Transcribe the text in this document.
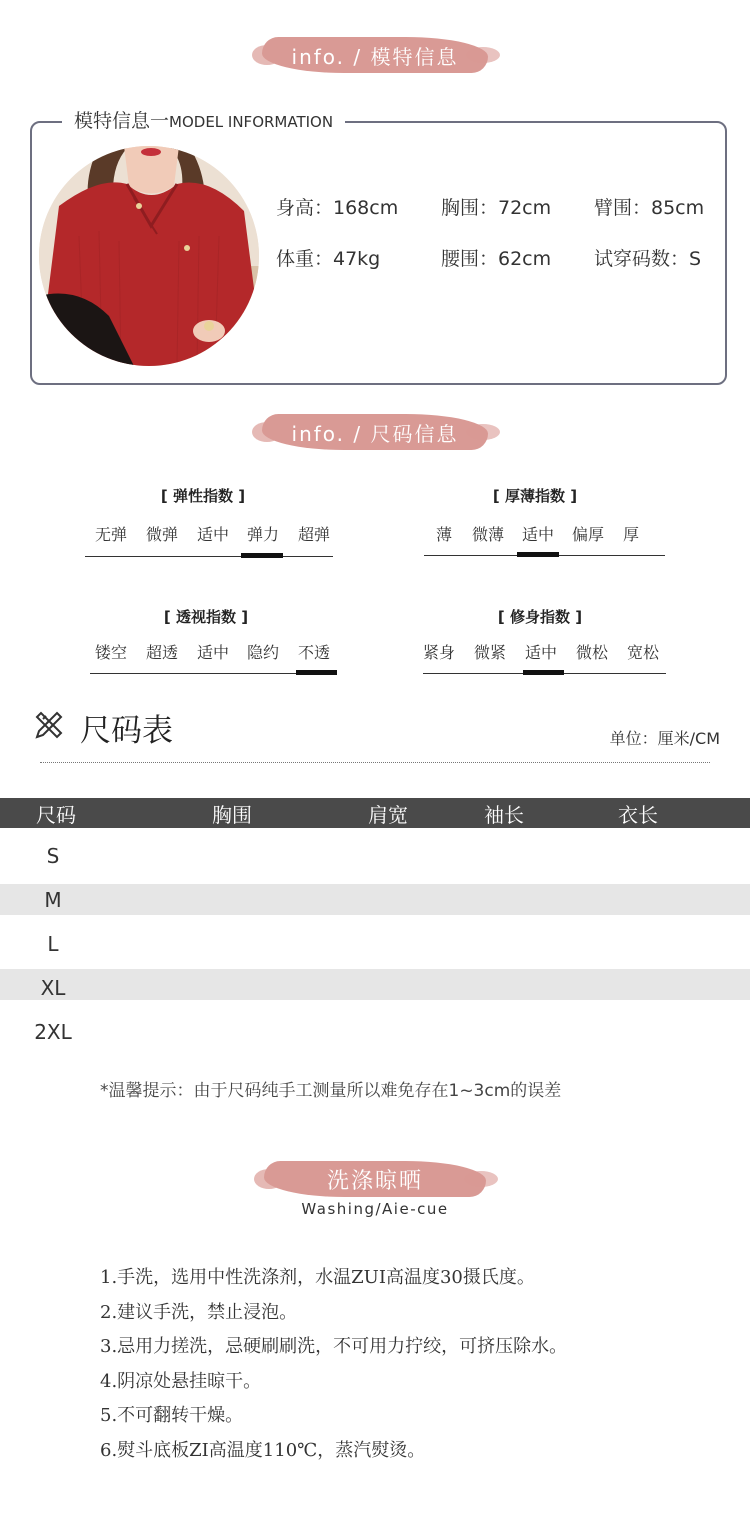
info. / 模特信息
模特信息一MODEL INFORMATION
身高：168cm 胸围：72cm 臂围：85cm
体重：47kg	腰围：62cm 试穿码数：S
info. / 尺码信息
[ 弹性指数 ]
无弹 微弹 适中 弹力 超弹
[ 厚薄指数 ]
薄 微薄 适中 偏厚 厚
[ 透视指数 ]
镂空 超透 适中 隐约 不透
[ 修身指数 ]
紧身 微紧 适中 微松 宽松
尺码表	单位：厘米/CM
尺码	胸围	肩宽	袖长	衣长
S
M
L
XL
2XL
*温馨提示：由于尺码纯手工测量所以难免存在1~3cm的误差
洗涤晾晒
Washing/Aie-cue
1.手洗，选用中性洗涤剂，水温ZUI高温度30摄氏度。
2.建议手洗，禁止浸泡。
3.忌用力搓洗，忌硬刷刷洗，不可用力拧绞，可挤压除水。
4.阴凉处悬挂晾干。
5.不可翻转干燥。
6.熨斗底板ZI高温度110℃，蒸汽熨烫。
